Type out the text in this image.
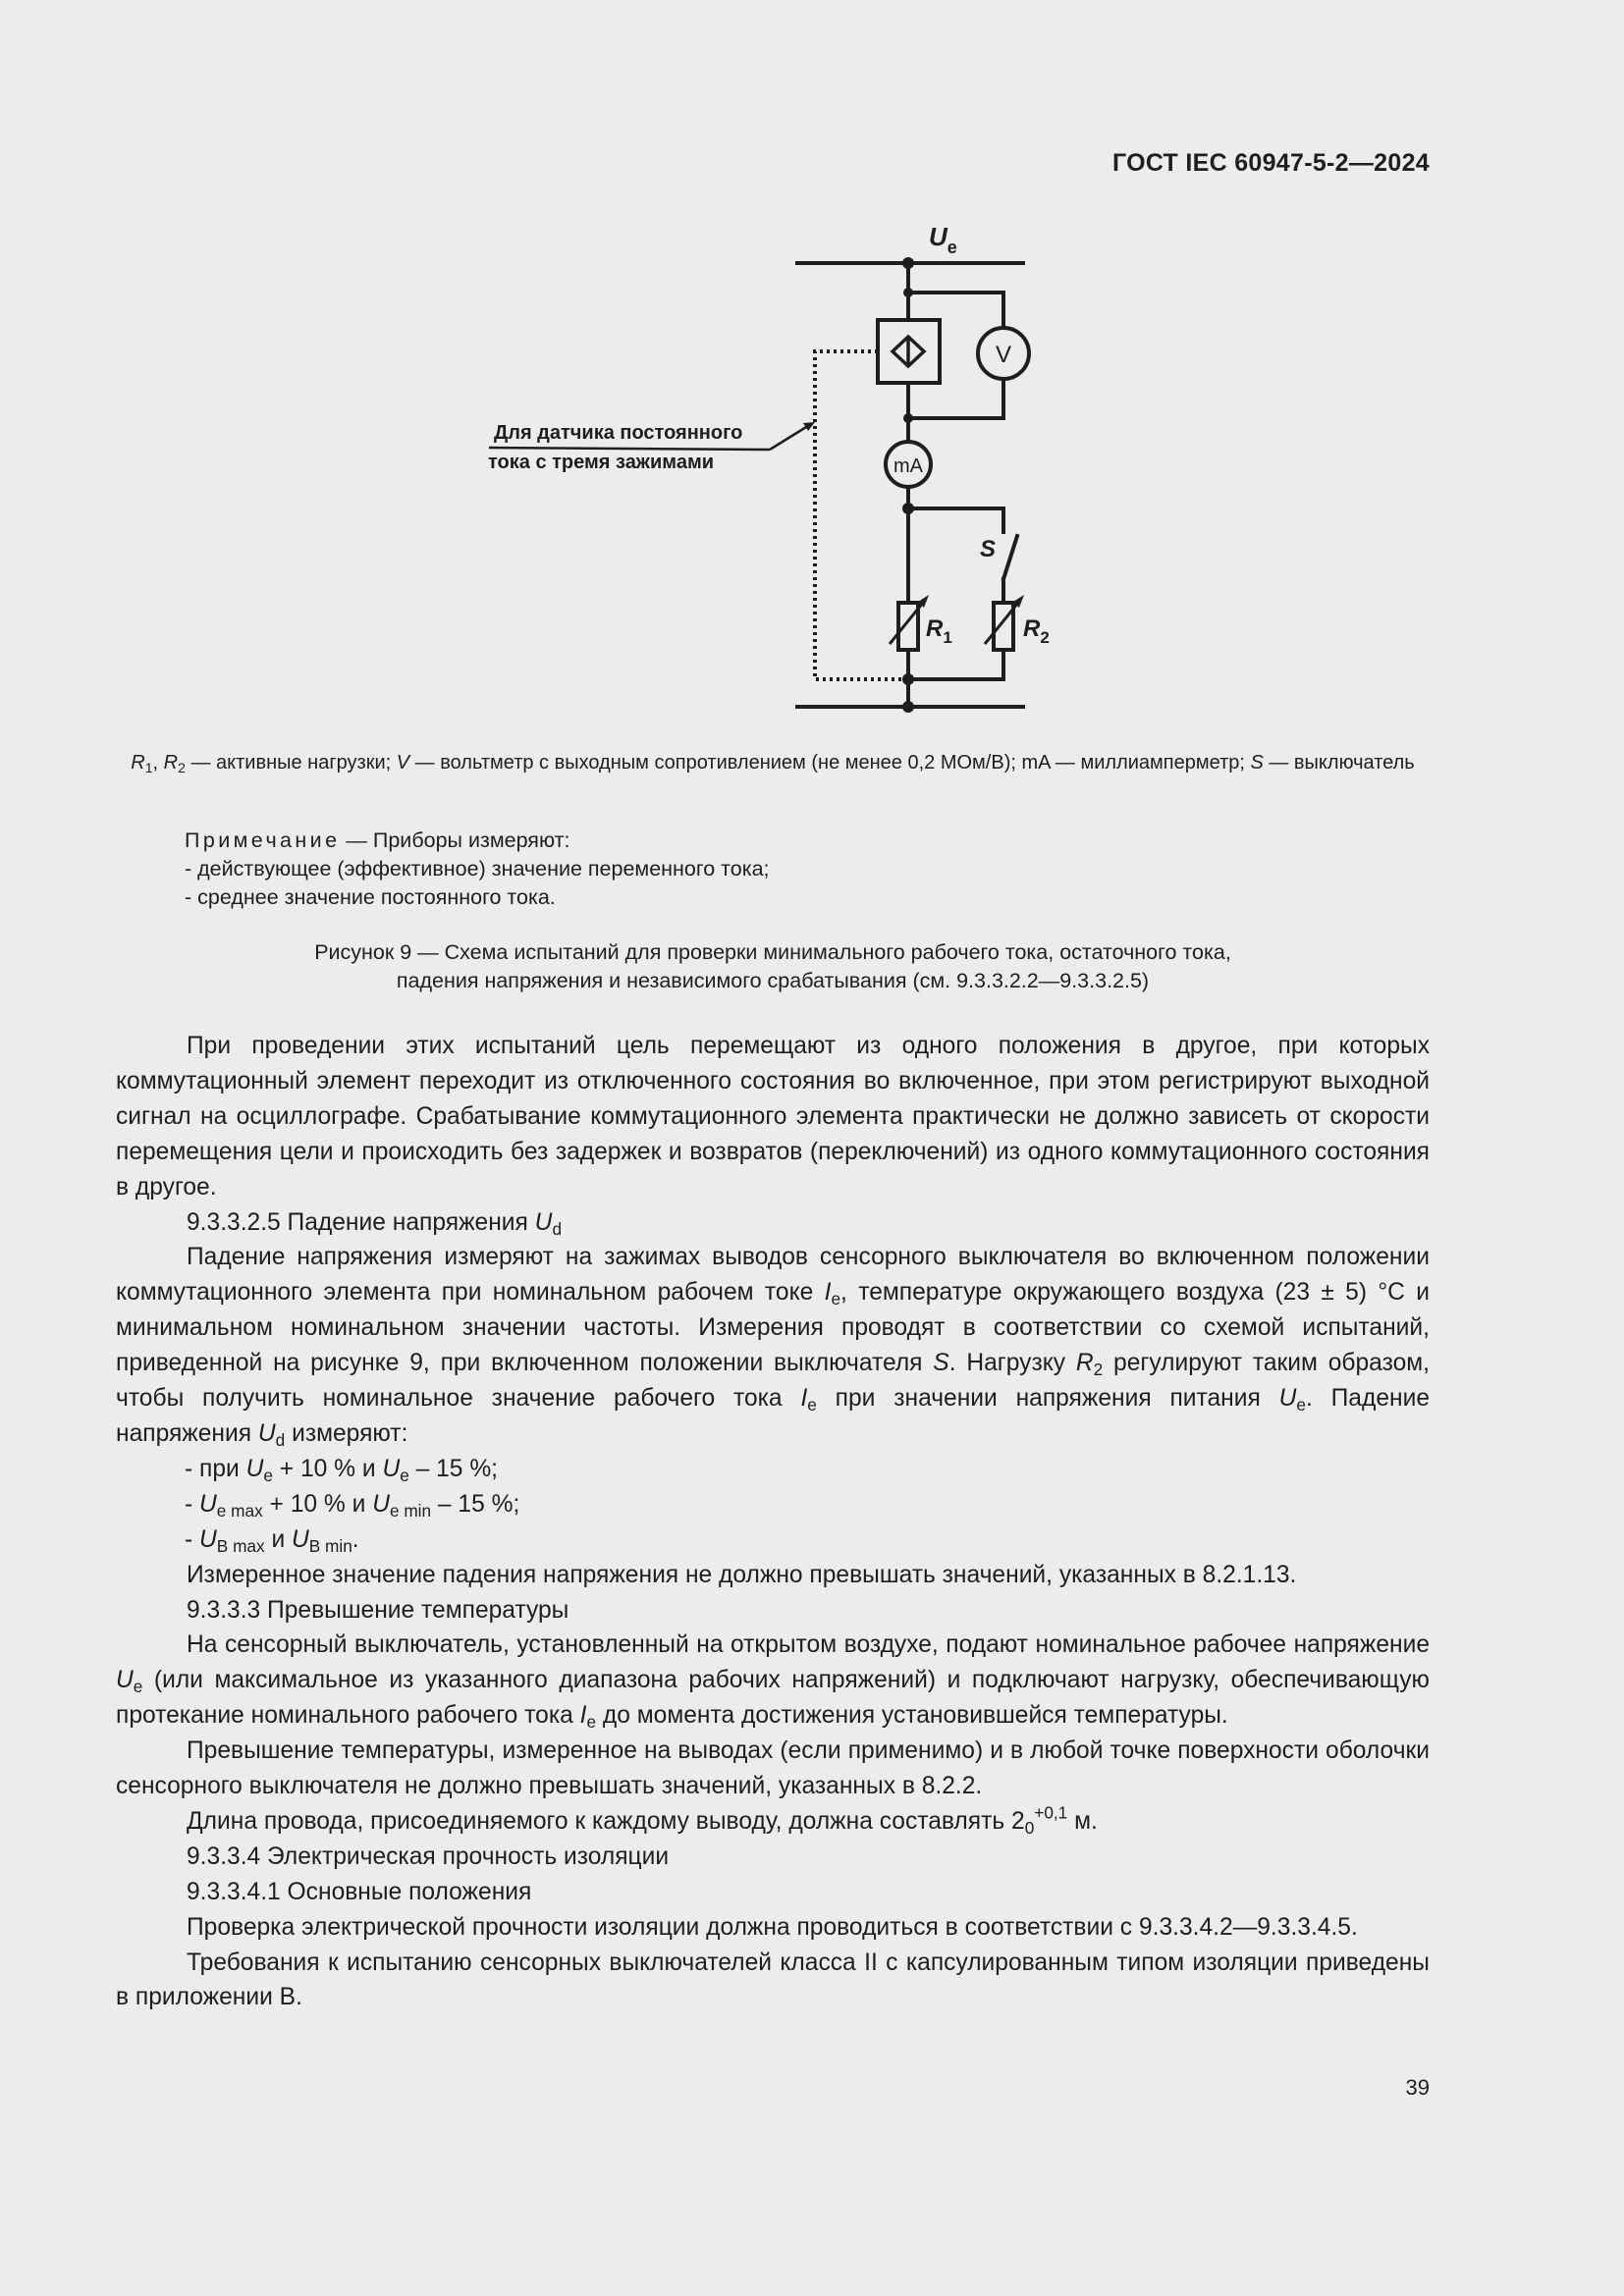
ГОСТ IEC 60947-5-2—2024
V
mA
$U_e$
S
$R_1$	$R_2$
Для датчика постоянного
тока с тремя зажимами
$R_1$, $R_2$ — активные нагрузки; V — вольтметр с выходным сопротивлением (не менее 0,2 МОм/В); mA — миллиамперметр; S — выключатель
Примечание — Приборы измеряют:
- действующее (эффективное) значение переменного тока;
- среднее значение постоянного тока.
Рисунок 9 — Схема испытаний для проверки минимального рабочего тока, остаточного тока,
падения напряжения и независимого срабатывания (см. 9.3.3.2.2—9.3.3.2.5)

При проведении этих испытаний цель перемещают из одного положения в другое, при которых коммутационный элемент переходит из отключенного состояния во включенное, при этом регистрируют выходной сигнал на осциллографе. Срабатывание коммутационного элемента практически не должно зависеть от скорости перемещения цели и происходить без задержек и возвратов (переключений) из одного коммутационного состояния в другое.

9.3.3.2.5 Падение напряжения $U_d$

Падение напряжения измеряют на зажимах выводов сенсорного выключателя во включенном положении коммутационного элемента при номинальном рабочем токе $I_e$, температуре окружающего воздуха (23 ± 5) °С и минимальном номинальном значении частоты. Измерения проводят в соответствии со схемой испытаний, приведенной на рисунке 9, при включенном положении выключателя S. Нагрузку $R_2$ регулируют таким образом, чтобы получить номинальное значение рабочего тока $I_e$ при значении напряжения питания $U_e$. Падение напряжения $U_d$ измеряют:

- при $U_e + 10$ % и $U_e - 15$ %;

- $U_{e max} + 10$ % и $U_{e min} - 15$ %;

- $U_{B max}$ и $U_{B min}$.

Измеренное значение падения напряжения не должно превышать значений, указанных в 8.2.1.13.

9.3.3.3 Превышение температуры

На сенсорный выключатель, установленный на открытом воздухе, подают номинальное рабочее напряжение $U_e$ (или максимальное из указанного диапазона рабочих напряжений) и подключают нагрузку, обеспечивающую протекание номинального рабочего тока $I_e$ до момента достижения установившейся температуры.

Превышение температуры, измеренное на выводах (если применимо) и в любой точке поверхности оболочки сенсорного выключателя не должно превышать значений, указанных в 8.2.2.

Длина провода, присоединяемого к каждому выводу, должна составлять $2_0^{+0,1}$ м.

9.3.3.4 Электрическая прочность изоляции

9.3.3.4.1 Основные положения

Проверка электрической прочности изоляции должна проводиться в соответствии с 9.3.3.4.2—9.3.3.4.5.

Требования к испытанию сенсорных выключателей класса II с капсулированным типом изоляции приведены в приложении В.

39
